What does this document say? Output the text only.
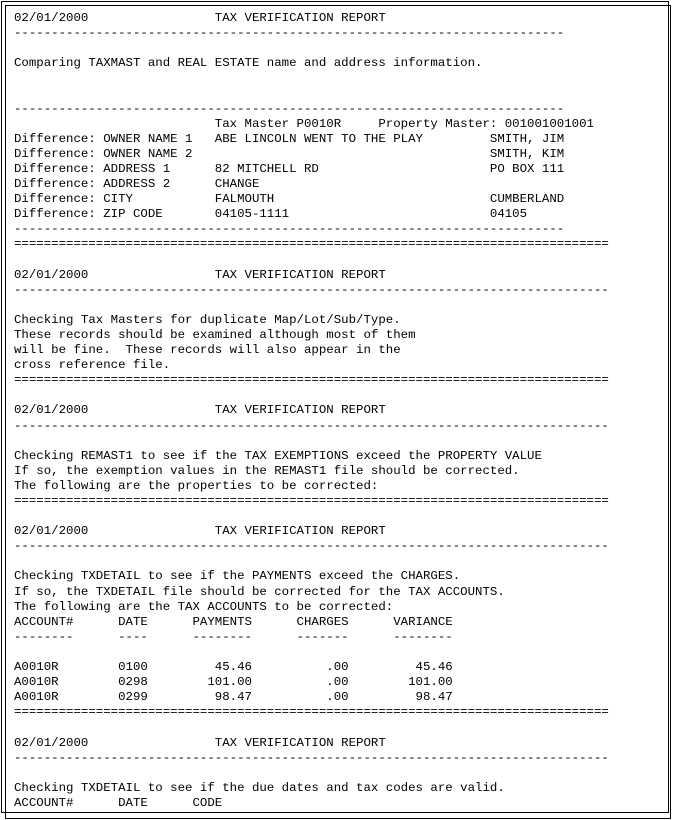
02/01/2000                 TAX VERIFICATION REPORT
--------------------------------------------------------------------------
Comparing TAXMAST and REAL ESTATE name and address information.
--------------------------------------------------------------------------
Tax Master P0010R     Property Master: 001001001001
Difference: OWNER NAME 1   ABE LINCOLN WENT TO THE PLAY         SMITH, JIM
Difference: OWNER NAME 2                                        SMITH, KIM
Difference: ADDRESS 1      82 MITCHELL RD                       PO BOX 111
Difference: ADDRESS 2      CHANGE
Difference: CITY           FALMOUTH                             CUMBERLAND
Difference: ZIP CODE       04105-1111                           04105
--------------------------------------------------------------------------
================================================================================
02/01/2000                 TAX VERIFICATION REPORT
--------------------------------------------------------------------------------
Checking Tax Masters for duplicate Map/Lot/Sub/Type.
These records should be examined although most of them
will be fine.  These records will also appear in the
cross reference file.
================================================================================
02/01/2000                 TAX VERIFICATION REPORT
--------------------------------------------------------------------------------
Checking REMAST1 to see if the TAX EXEMPTIONS exceed the PROPERTY VALUE
If so, the exemption values in the REMAST1 file should be corrected.
The following are the properties to be corrected:
================================================================================
02/01/2000                 TAX VERIFICATION REPORT
--------------------------------------------------------------------------------
Checking TXDETAIL to see if the PAYMENTS exceed the CHARGES.
If so, the TXDETAIL file should be corrected for the TAX ACCOUNTS.
The following are the TAX ACCOUNTS to be corrected:
ACCOUNT#      DATE      PAYMENTS      CHARGES      VARIANCE
--------      ----      --------      -------      --------
A0010R        0100         45.46          .00         45.46
A0010R        0298        101.00          .00        101.00
A0010R        0299         98.47          .00         98.47
================================================================================
02/01/2000                 TAX VERIFICATION REPORT
--------------------------------------------------------------------------------
Checking TXDETAIL to see if the due dates and tax codes are valid.
ACCOUNT#      DATE      CODE
